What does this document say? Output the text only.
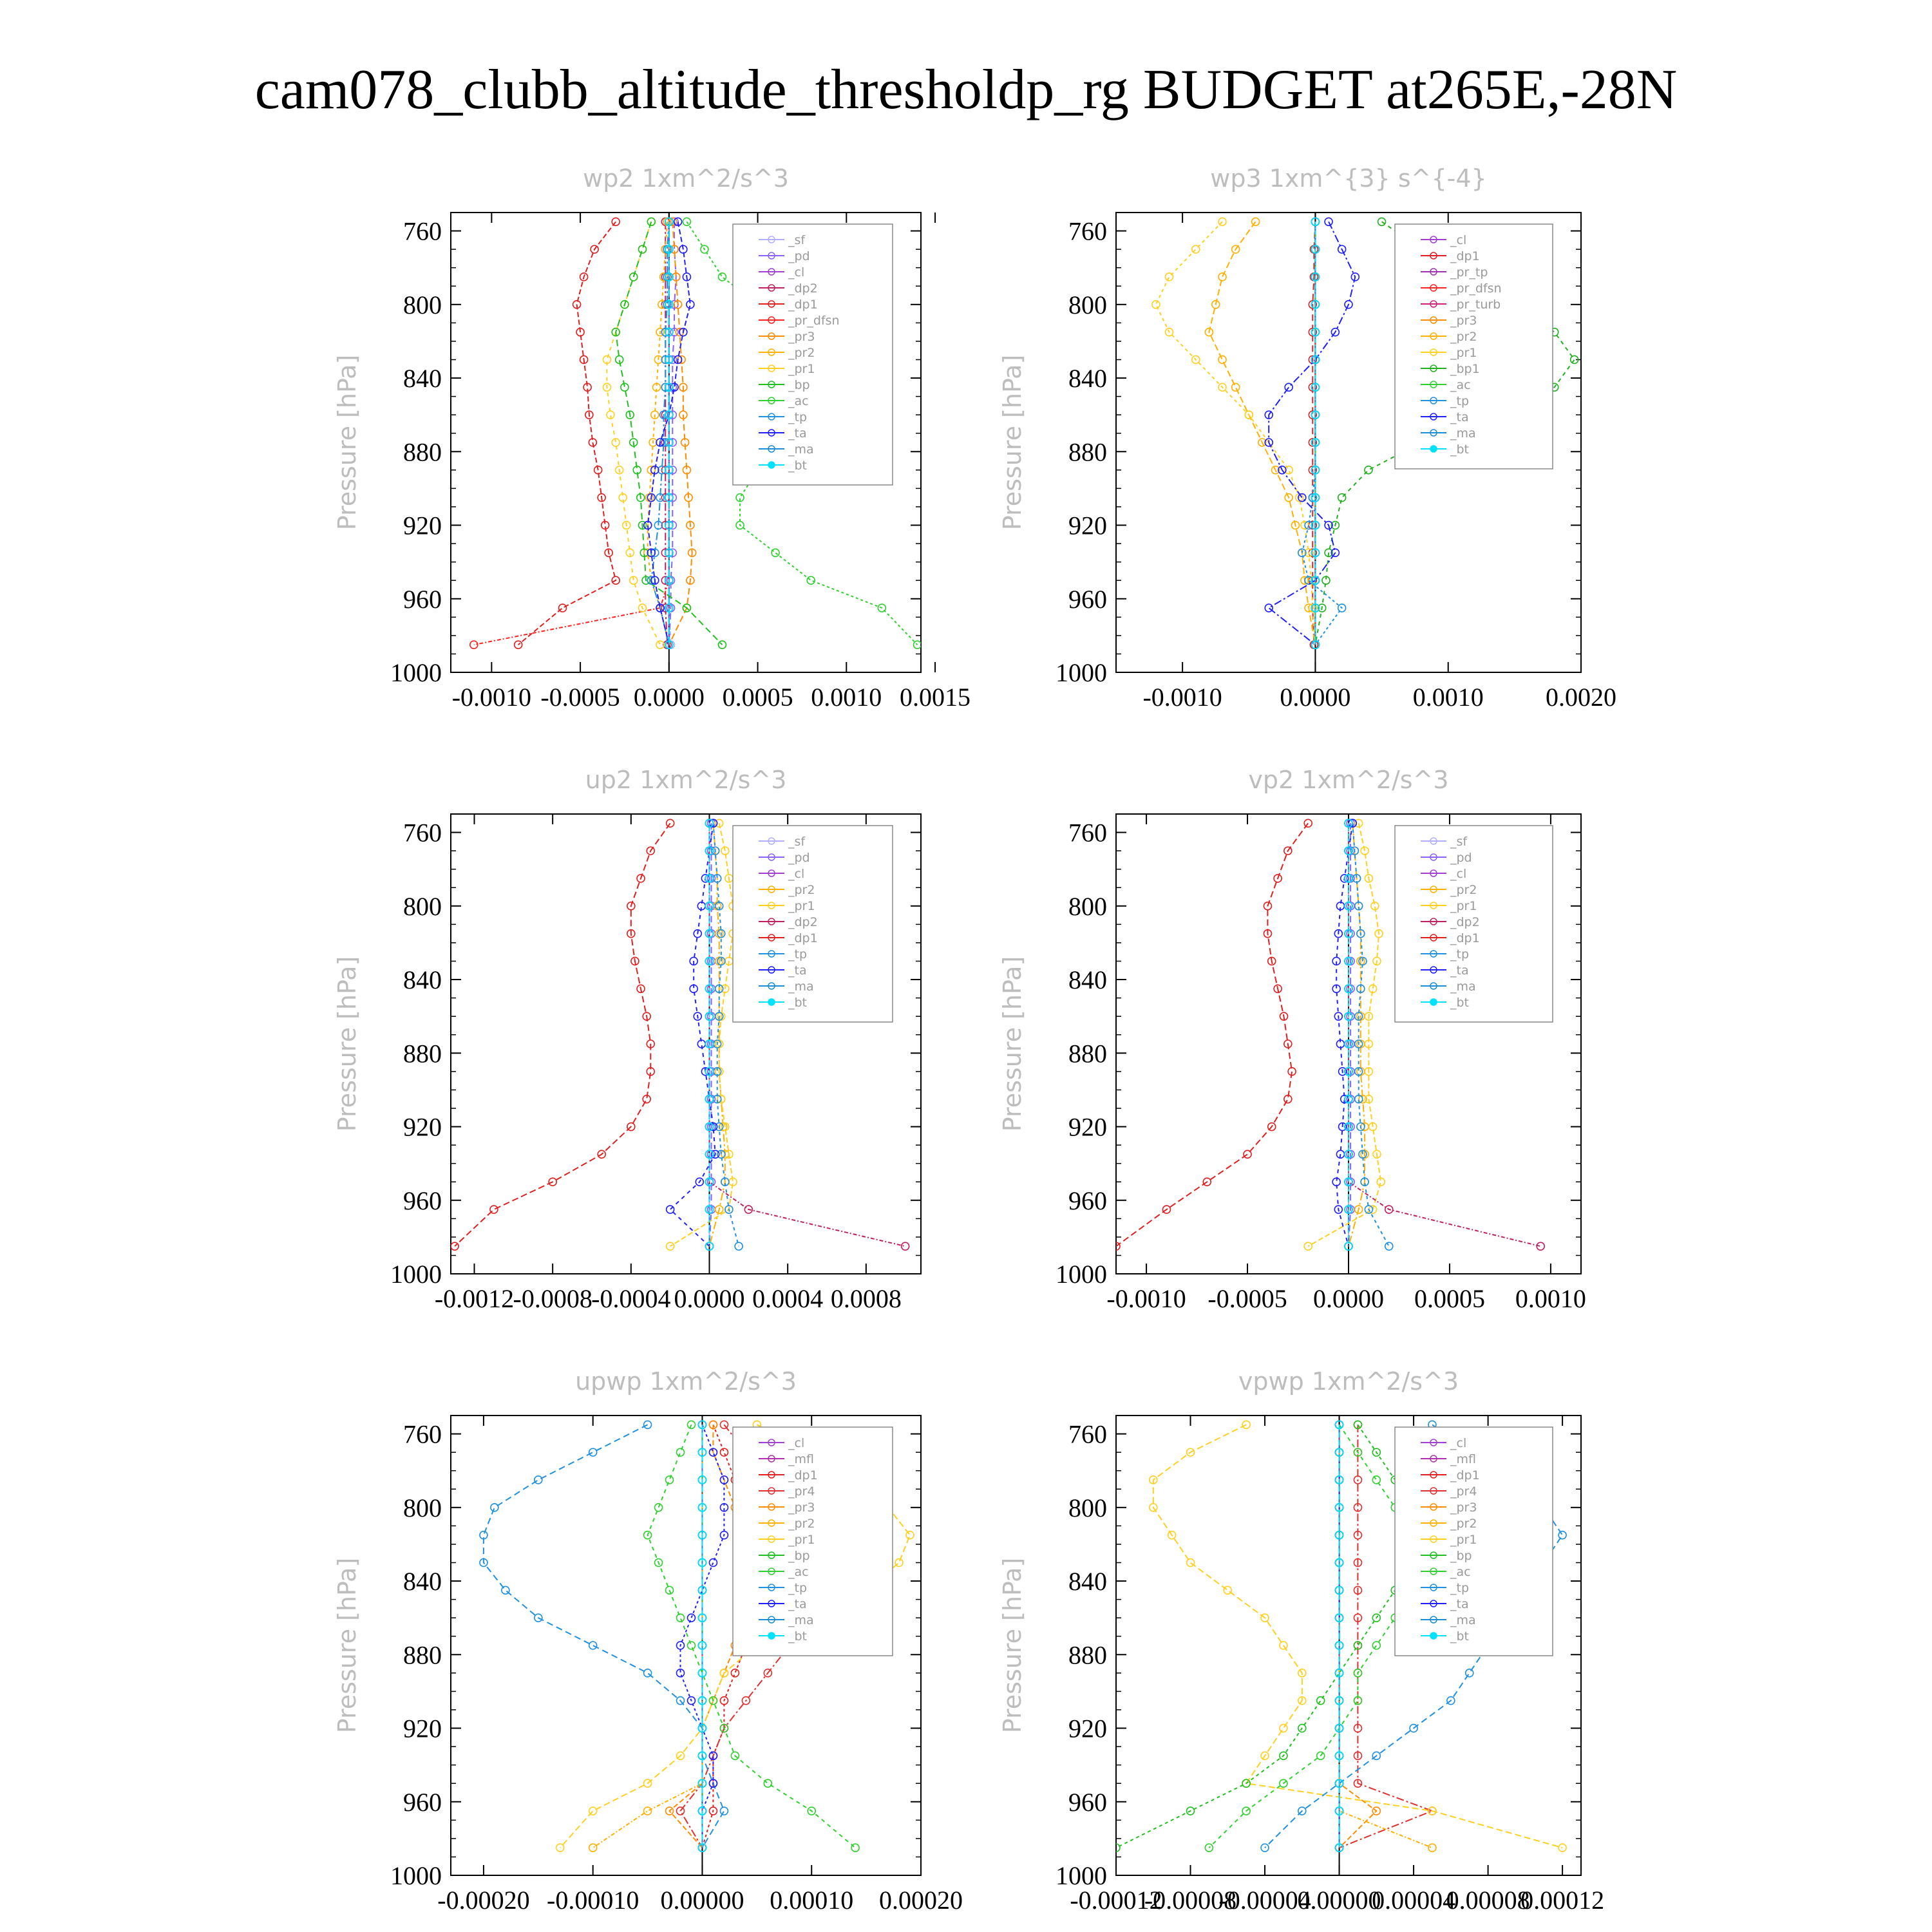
cam078_clubb_altitude_thresholdp_rg BUDGET at265E,-28N
wp2 1xm^2/s^3
Pressure [hPa]
760
800
840
880
920
960
1000
-0.0010 -0.0005 0.0000 0.0005 0.0010 0.0015
_sf
_pd
_cl
_dp2
_dp1
_pr_dfsn
_pr3
_pr2
_pr1
_bp
_ac
_tp
_ta
_ma
_bt
wp3 1xm^{3} s^{-4}
Pressure [hPa]
760
800
840
880
920
960
1000
-0.0010 0.0000 0.0010 0.0020
_cl
_dp1
_pr_tp
_pr_dfsn
_pr_turb
_pr3
_pr2
_pr1
_bp1
_ac
_tp
_ta
_ma
_bt
up2 1xm^2/s^3
Pressure [hPa]
760
800
840
880
920
960
1000
-0.0012
-0.0008
-0.0004 0.0000 0.0004 0.0008
_sf
_pd
_cl
_pr2
_pr1
_dp2
_dp1
_tp
_ta
_ma
_bt
vp2 1xm^2/s^3
Pressure [hPa]
760
800
840
880
920
960
1000
-0.0010 -0.0005 0.0000 0.0005 0.0010
_sf
_pd
_cl
_pr2
_pr1
_dp2
_dp1
_tp
_ta
_ma
_bt
upwp 1xm^2/s^3
Pressure [hPa]
760
800
840
880
920
960
1000
-0.00020 -0.00010 0.00000 0.00010 0.00020
_cl
_mfl
_dp1
_pr4
_pr3
_pr2
_pr1
_bp
_ac
_tp
_ta
_ma
_bt
vpwp 1xm^2/s^3
Pressure [hPa]
760
800
840
880
920
960
1000
-0.00012
-0.00008
-0.00004
0.00000
0.00004
0.00008
0.00012
_cl
_mfl
_dp1
_pr4
_pr3
_pr2
_pr1
_bp
_ac
_tp
_ta
_ma
_bt
